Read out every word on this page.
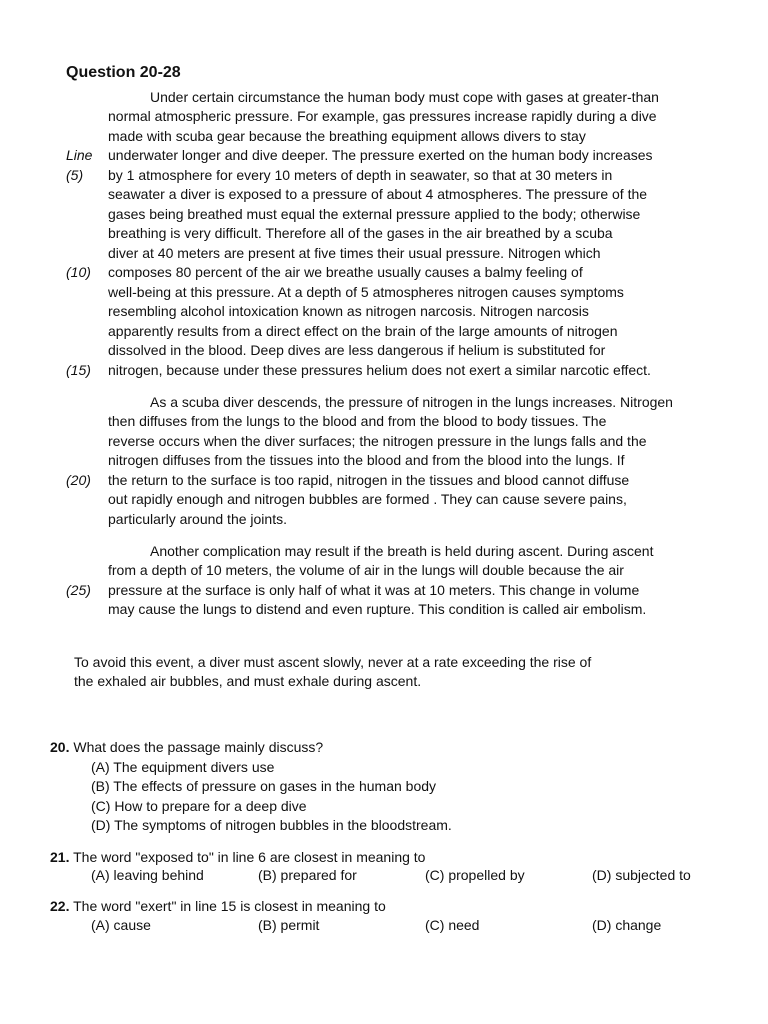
Question 20-28
Under certain circumstance the human body must cope with gases at greater-than
normal atmospheric pressure. For example, gas pressures increase rapidly during a dive
made with scuba gear because the breathing equipment allows divers to stay
underwater longer and dive deeper. The pressure exerted on the human body increases
Line
by 1 atmosphere for every 10 meters of depth in seawater, so that at 30 meters in
(5)
seawater a diver is exposed to a pressure of about 4 atmospheres. The pressure of the
gases being breathed must equal the external pressure applied to the body; otherwise
breathing is very difficult. Therefore all of the gases in the air breathed by a scuba
diver at 40 meters are present at five times their usual pressure. Nitrogen which
composes 80 percent of the air we breathe usually causes a balmy feeling of
(10)
well-being at this pressure. At a depth of 5 atmospheres nitrogen causes symptoms
resembling alcohol intoxication known as nitrogen narcosis. Nitrogen narcosis
apparently results from a direct effect on the brain of the large amounts of nitrogen
dissolved in the blood. Deep dives are less dangerous if helium is substituted for
nitrogen, because under these pressures helium does not exert a similar narcotic effect.
(15)
As a scuba diver descends, the pressure of nitrogen in the lungs increases. Nitrogen
then diffuses from the lungs to the blood and from the blood to body tissues. The
reverse occurs when the diver surfaces; the nitrogen pressure in the lungs falls and the
nitrogen diffuses from the tissues into the blood and from the blood into the lungs. If
the return to the surface is too rapid, nitrogen in the tissues and blood cannot diffuse
(20)
out rapidly enough and nitrogen bubbles are formed . They can cause severe pains,
particularly around the joints.
Another complication may result if the breath is held during ascent. During ascent
from a depth of 10 meters, the volume of air in the lungs will double because the air
pressure at the surface is only half of what it was at 10 meters. This change in volume
(25)
may cause the lungs to distend and even rupture. This condition is called air embolism.
To avoid this event, a diver must ascent slowly, never at a rate exceeding the rise of
the exhaled air bubbles, and must exhale during ascent.
20. What does the passage mainly discuss?
(A) The equipment divers use
(B) The effects of pressure on gases in the human body
(C) How to prepare for a deep dive
(D) The symptoms of nitrogen bubbles in the bloodstream.
21. The word "exposed to" in line 6 are closest in meaning to
(A) leaving behind	(B) prepared for	(C) propelled by	(D) subjected to
22. The word "exert" in line 15 is closest in meaning to
(A) cause	(B) permit	(C) need	(D) change
